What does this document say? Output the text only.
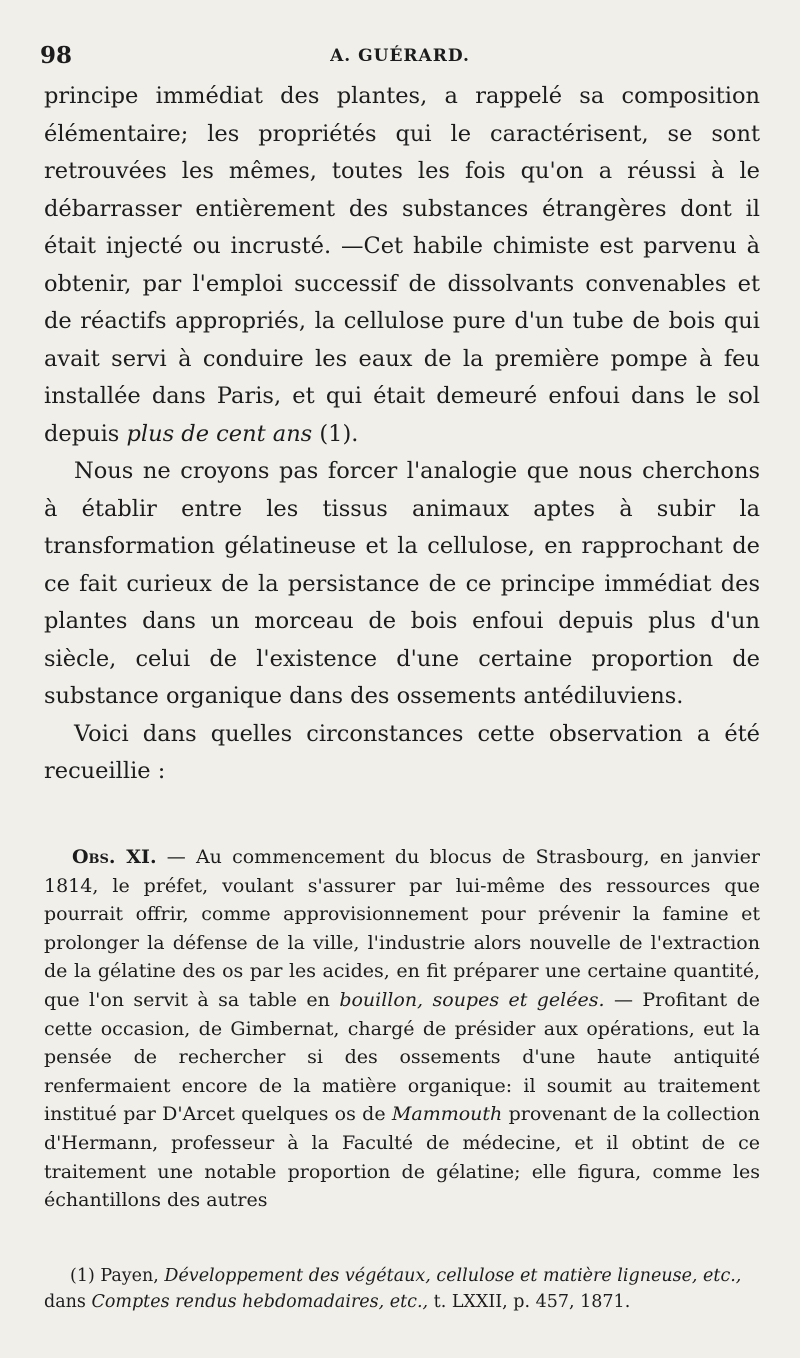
98	A. GUÉRARD.

principe immédiat des plantes, a rappelé sa composition élémentaire; les propriétés qui le caractérisent, se sont retrouvées les mêmes, toutes les fois qu'on a réussi à le débarrasser entièrement des substances étrangères dont il était injecté ou incrusté. —Cet habile chimiste est parvenu à obtenir, par l'emploi successif de dissolvants convenables et de réactifs appropriés, la cellulose pure d'un tube de bois qui avait servi à conduire les eaux de la première pompe à feu installée dans Paris, et qui était demeuré enfoui dans le sol depuis plus de cent ans (1).

Nous ne croyons pas forcer l'analogie que nous cherchons à établir entre les tissus animaux aptes à subir la transformation gélatineuse et la cellulose, en rapprochant de ce fait curieux de la persistance de ce principe immédiat des plantes dans un morceau de bois enfoui depuis plus d'un siècle, celui de l'existence d'une certaine proportion de substance organique dans des ossements antédiluviens.

Voici dans quelles circonstances cette observation a été recueillie :

Obs. XI. — Au commencement du blocus de Strasbourg, en janvier 1814, le préfet, voulant s'assurer par lui-même des ressources que pourrait offrir, comme approvisionnement pour prévenir la famine et prolonger la défense de la ville, l'industrie alors nouvelle de l'extraction de la gélatine des os par les acides, en fit préparer une certaine quantité, que l'on servit à sa table en bouillon, soupes et gelées. — Profitant de cette occasion, de Gimbernat, chargé de présider aux opérations, eut la pensée de rechercher si des ossements d'une haute antiquité renfermaient encore de la matière organique: il soumit au traitement institué par D'Arcet quelques os de Mammouth provenant de la collection d'Hermann, professeur à la Faculté de médecine, et il obtint de ce traitement une notable proportion de gélatine; elle figura, comme les échantillons des autres
(1) Payen, Développement des végétaux, cellulose et matière ligneuse, etc., dans Comptes rendus hebdomadaires, etc., t. LXXII, p. 457, 1871.
